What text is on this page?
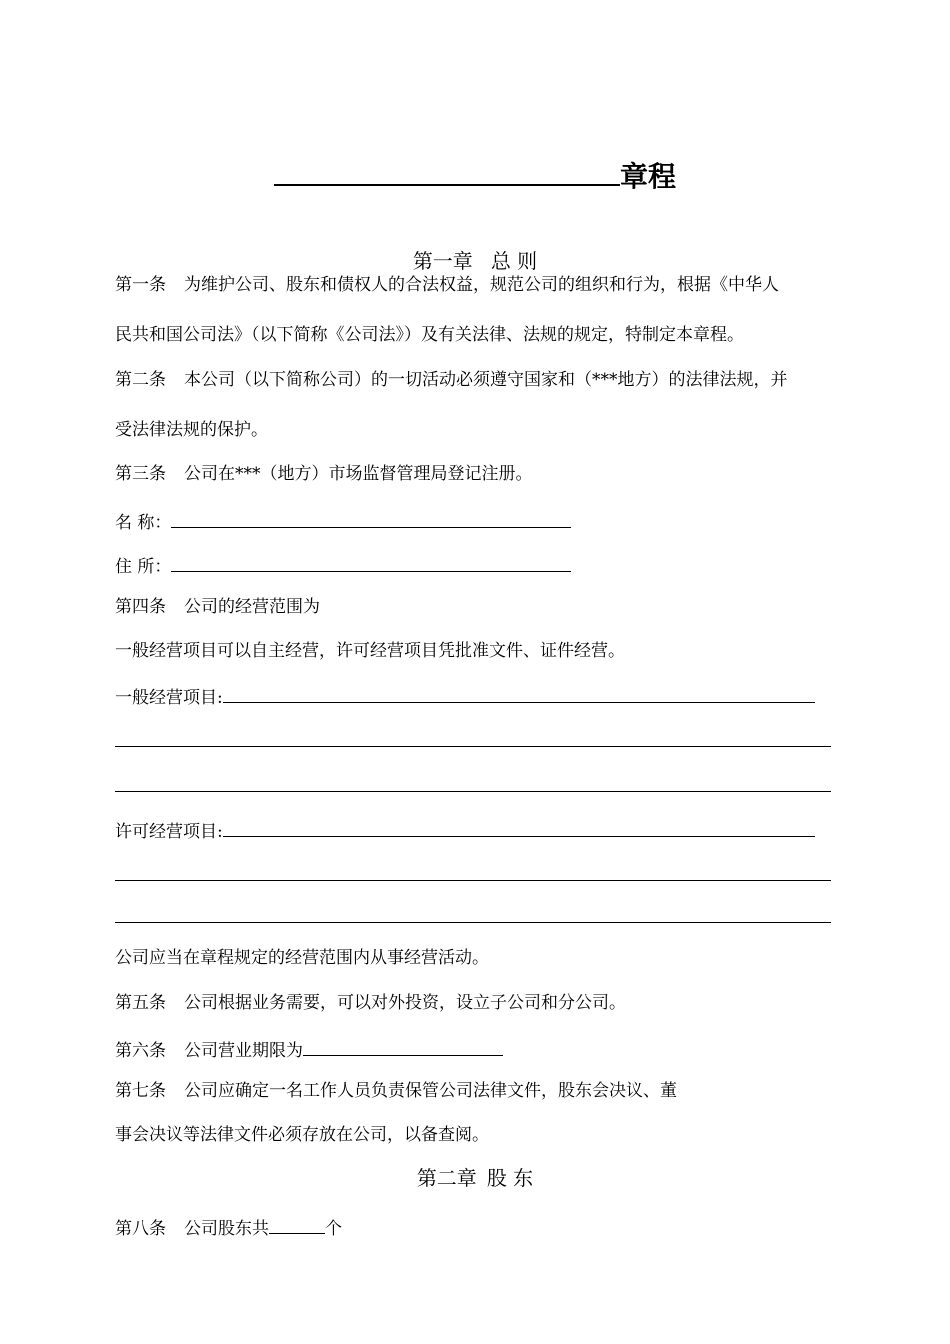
章程
第一章 总 则
第一条 为维护公司、股东和债权人的合法权益，规范公司的组织和行为，根据《中华人
民共和国公司法》（以下简称《公司法》）及有关法律、法规的规定，特制定本章程。
第二条 本公司（以下简称公司）的一切活动必须遵守国家和（***地方）的法律法规，并
受法律法规的保护。
第三条 公司在***（地方）市场监督管理局登记注册。
名 称：
住 所：
第四条 公司的经营范围为
一般经营项目可以自主经营，许可经营项目凭批准文件、证件经营。
一般经营项目:
许可经营项目:
公司应当在章程规定的经营范围内从事经营活动。
第五条 公司根据业务需要，可以对外投资，设立子公司和分公司。
第六条 公司营业期限为
第七条 公司应确定一名工作人员负责保管公司法律文件，股东会决议、董
事会决议等法律文件必须存放在公司，以备查阅。
第二章 股 东
第八条 公司股东共	个
